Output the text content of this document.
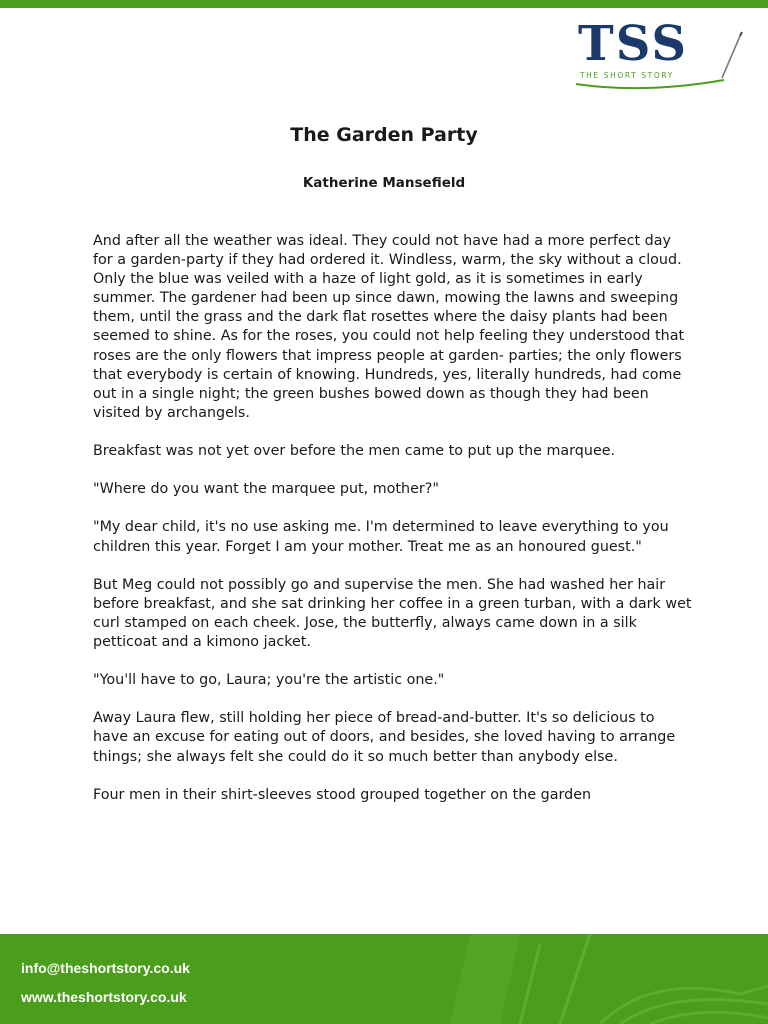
TSS
THE SHORT STORY
The Garden Party
Katherine Mansefield

And after all the weather was ideal. They could not have had a more perfect day for a garden-party if they had ordered it. Windless, warm, the sky without a cloud. Only the blue was veiled with a haze of light gold, as it is sometimes in early summer. The gardener had been up since dawn, mowing the lawns and sweeping them, until the grass and the dark flat rosettes where the daisy plants had been seemed to shine. As for the roses, you could not help feeling they understood that roses are the only flowers that impress people at garden- parties; the only flowers that everybody is certain of knowing. Hundreds, yes, literally hundreds, had come out in a single night; the green bushes bowed down as though they had been visited by archangels.

Breakfast was not yet over before the men came to put up the marquee.

"Where do you want the marquee put, mother?"

"My dear child, it's no use asking me. I'm determined to leave everything to you children this year. Forget I am your mother. Treat me as an honoured guest."

But Meg could not possibly go and supervise the men. She had washed her hair before breakfast, and she sat drinking her coffee in a green turban, with a dark wet curl stamped on each cheek. Jose, the butterfly, always came down in a silk petticoat and a kimono jacket.

"You'll have to go, Laura; you're the artistic one."

Away Laura flew, still holding her piece of bread-and-butter. It's so delicious to have an excuse for eating out of doors, and besides, she loved having to arrange things; she always felt she could do it so much better than anybody else.

Four men in their shirt-sleeves stood grouped together on the garden

info@theshortstory.co.uk
www.theshortstory.co.uk
